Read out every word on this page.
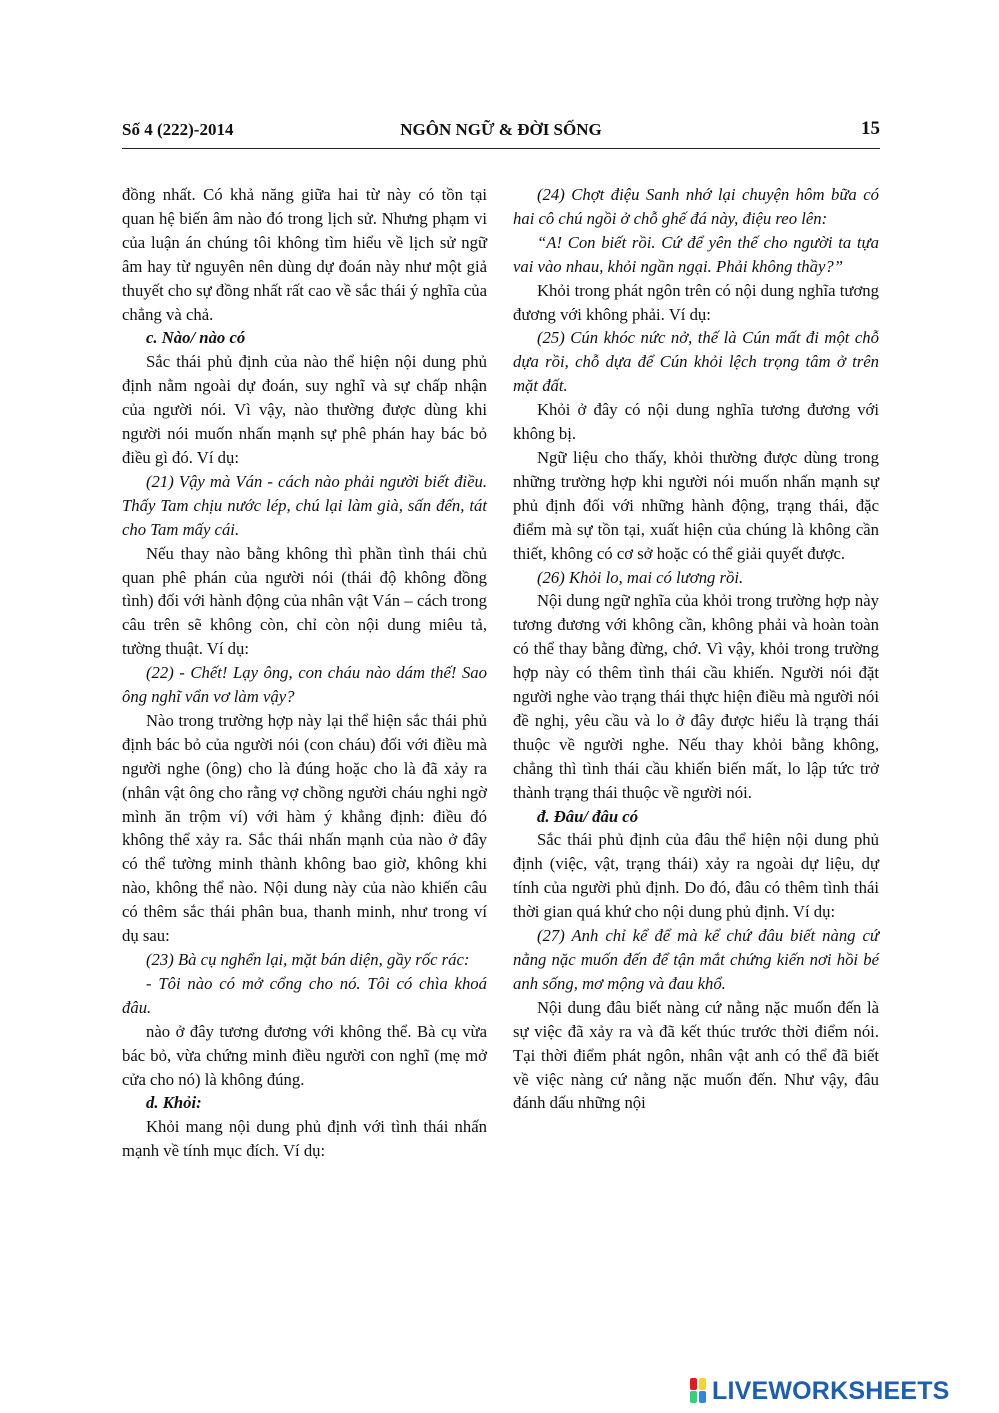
Số 4 (222)-2014	NGÔN NGỮ & ĐỜI SỐNG	15

đồng nhất. Có khả năng giữa hai từ này có tồn tại quan hệ biến âm nào đó trong lịch sử. Nhưng phạm vi của luận án chúng tôi không tìm hiểu về lịch sử ngữ âm hay từ nguyên nên dùng dự đoán này như một giả thuyết cho sự đồng nhất rất cao về sắc thái ý nghĩa của chẳng và chả.

c. Nào/ nào có

Sắc thái phủ định của nào thể hiện nội dung phủ định nằm ngoài dự đoán, suy nghĩ và sự chấp nhận của người nói. Vì vậy, nào thường được dùng khi người nói muốn nhấn mạnh sự phê phán hay bác bỏ điều gì đó. Ví dụ:

(21) Vậy mà Ván - cách nào phải người biết điều. Thấy Tam chịu nước lép, chú lại làm già, sấn đến, tát cho Tam mấy cái.

Nếu thay nào bằng không thì phần tình thái chủ quan phê phán của người nói (thái độ không đồng tình) đối với hành động của nhân vật Ván – cách trong câu trên sẽ không còn, chỉ còn nội dung miêu tả, tường thuật. Ví dụ:

(22) - Chết! Lạy ông, con cháu nào dám thế! Sao ông nghĩ vẩn vơ làm vậy?

Nào trong trường hợp này lại thể hiện sắc thái phủ định bác bỏ của người nói (con cháu) đối với điều mà người nghe (ông) cho là đúng hoặc cho là đã xảy ra (nhân vật ông cho rằng vợ chồng người cháu nghi ngờ mình ăn trộm ví) với hàm ý khẳng định: điều đó không thể xảy ra. Sắc thái nhấn mạnh của nào ở đây có thể tường minh thành không bao giờ, không khi nào, không thể nào. Nội dung này của nào khiến câu có thêm sắc thái phân bua, thanh minh, như trong ví dụ sau:

(23) Bà cụ nghển lại, mặt bán diện, gầy rốc rác:

- Tôi nào có mở cổng cho nó. Tôi có chìa khoá đâu.

nào ở đây tương đương với không thể. Bà cụ vừa bác bỏ, vừa chứng minh điều người con nghĩ (mẹ mở cửa cho nó) là không đúng.

d. Khỏi:

Khỏi mang nội dung phủ định với tình thái nhấn mạnh về tính mục đích. Ví dụ:

(24) Chợt điệu Sanh nhớ lại chuyện hôm bữa có hai cô chú ngồi ở chỗ ghế đá này, điệu reo lên:

“A! Con biết rồi. Cứ để yên thế cho người ta tựa vai vào nhau, khỏi ngần ngại. Phải không thầy?”

Khỏi trong phát ngôn trên có nội dung nghĩa tương đương với không phải. Ví dụ:

(25) Cún khóc nức nở, thế là Cún mất đi một chỗ dựa rồi, chỗ dựa để Cún khỏi lệch trọng tâm ở trên mặt đất.

Khỏi ở đây có nội dung nghĩa tương đương với không bị.

Ngữ liệu cho thấy, khỏi thường được dùng trong những trường hợp khi người nói muốn nhấn mạnh sự phủ định đối với những hành động, trạng thái, đặc điểm mà sự tồn tại, xuất hiện của chúng là không cần thiết, không có cơ sở hoặc có thể giải quyết được.

(26) Khỏi lo, mai có lương rồi.

Nội dung ngữ nghĩa của khỏi trong trường hợp này tương đương với không cần, không phải và hoàn toàn có thể thay bằng đừng, chớ. Vì vậy, khỏi trong trường hợp này có thêm tình thái cầu khiến. Người nói đặt người nghe vào trạng thái thực hiện điều mà người nói đề nghị, yêu cầu và lo ở đây được hiểu là trạng thái thuộc về người nghe. Nếu thay khỏi bằng không, chẳng thì tình thái cầu khiến biến mất, lo lập tức trở thành trạng thái thuộc về người nói.

đ. Đâu/ đâu có

Sắc thái phủ định của đâu thể hiện nội dung phủ định (việc, vật, trạng thái) xảy ra ngoài dự liệu, dự tính của người phủ định. Do đó, đâu có thêm tình thái thời gian quá khứ cho nội dung phủ định. Ví dụ:

(27) Anh chỉ kể để mà kể chứ đâu biết nàng cứ nằng nặc muốn đến để tận mắt chứng kiến nơi hồi bé anh sống, mơ mộng và đau khổ.

Nội dung đâu biết nàng cứ nằng nặc muốn đến là sự việc đã xảy ra và đã kết thúc trước thời điểm nói. Tại thời điểm phát ngôn, nhân vật anh có thể đã biết về việc nàng cứ nằng nặc muốn đến. Như vậy, đâu đánh dấu những nội

LIVEWORKSHEETS
